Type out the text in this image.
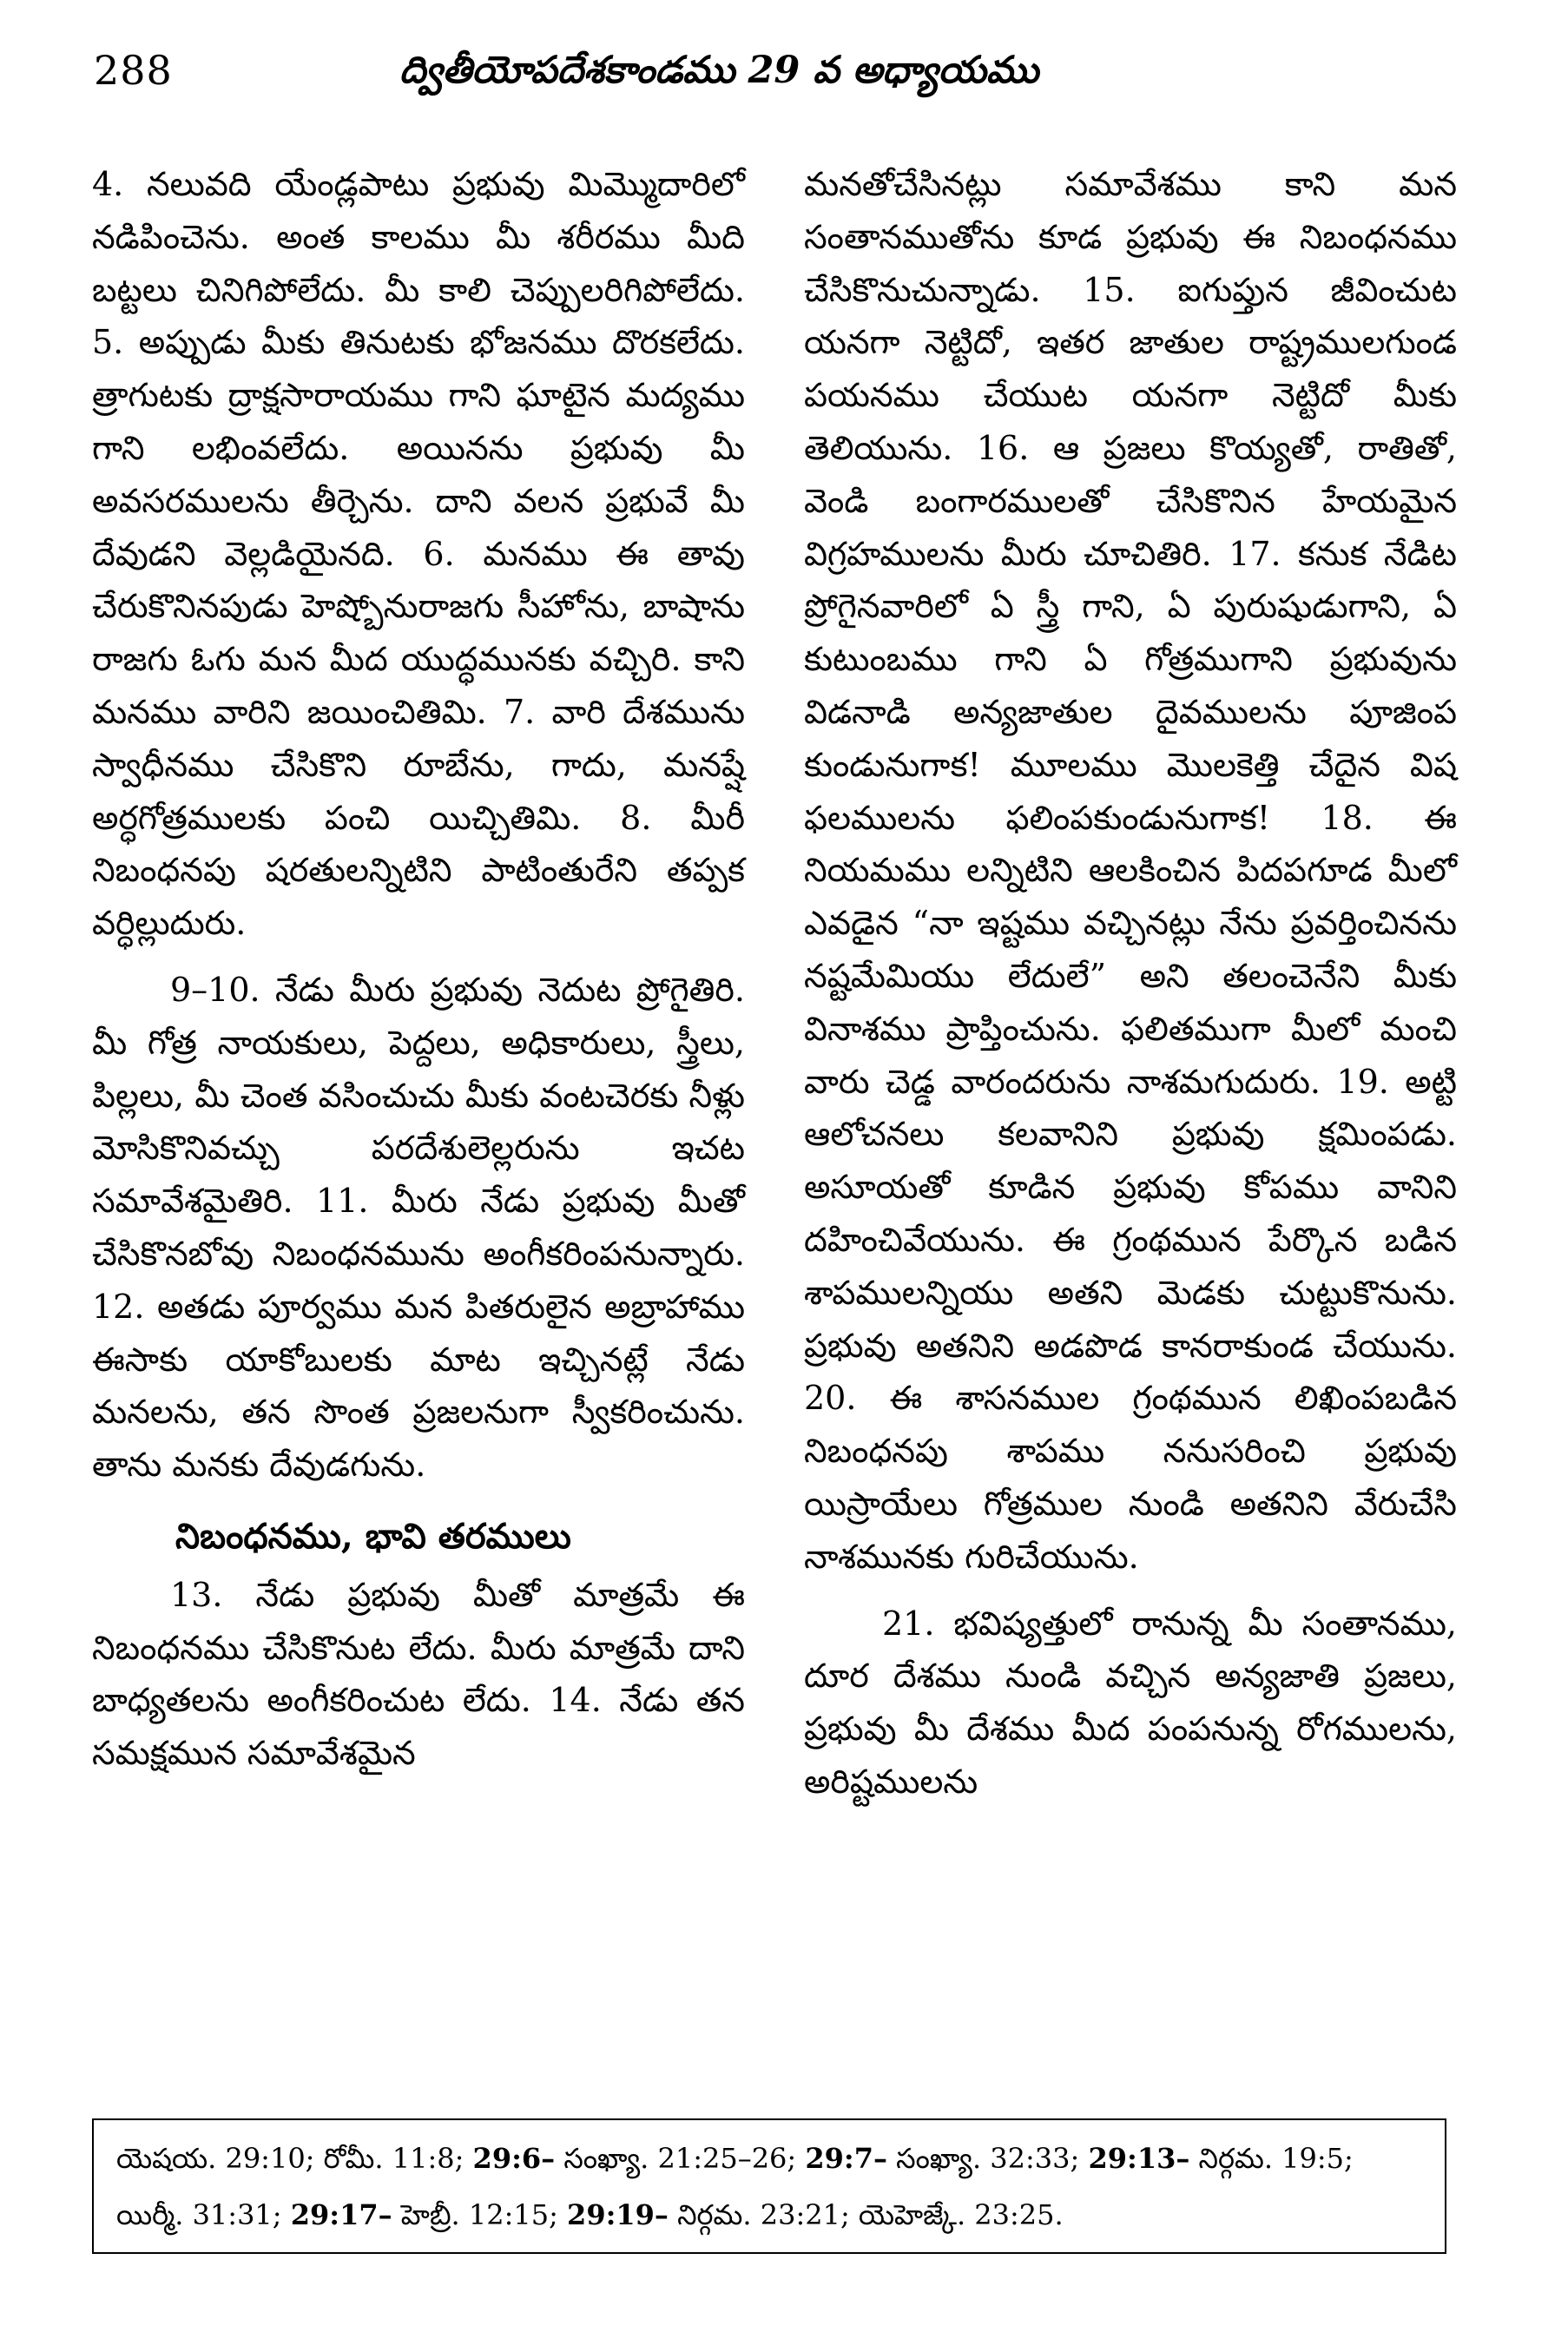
288	ద్వితీయోపదేశకాండము 29 వ అధ్యాయము

4. నలువది యేండ్లపాటు ప్రభువు మిమ్మొదారిలో నడిపించెను. అంత కాలము మీ శరీరము మీది బట్టలు చినిగిపోలేదు. మీ కాలి చెప్పులరిగిపోలేదు. 5. అప్పుడు మీకు తినుటకు భోజనము దొరకలేదు. త్రాగుటకు ద్రాక్షసారాయము గాని ఘాటైన మద్యము గాని లభింవలేదు. అయినను ప్రభువు మీ అవసరములను తీర్చెను. దాని వలన ప్రభువే మీ దేవుడని వెల్లడియైనది. 6. మనము ఈ తావు చేరుకొనినపుడు హెష్బోనురాజగు సీహోను, బాషాను రాజగు ఓగు మన మీద యుద్ధమునకు వచ్చిరి. కాని మనము వారిని జయించితిమి. 7. వారి దేశమును స్వాధీనము చేసికొని రూబేను, గాదు, మనష్షే అర్ధగోత్రములకు పంచి యిచ్చితిమి. 8. మీరీ నిబంధనపు షరతులన్నిటిని పాటింతురేని తప్పక వర్ధిల్లుదురు.

9–10. నేడు మీరు ప్రభువు నెదుట ప్రోగైతిరి. మీ గోత్ర నాయకులు, పెద్దలు, అధికారులు, స్త్రీలు, పిల్లలు, మీ చెంత వసించుచు మీకు వంటచెరకు నీళ్లు మోసికొనివచ్చు పరదేశులెల్లరును ఇచట సమావేశమైతిరి. 11. మీరు నేడు ప్రభువు మీతో చేసికొనబోవు నిబంధనమును అంగీకరింపనున్నారు. 12. అతడు పూర్వము మన పితరులైన అబ్రాహాము ఈసాకు యాకోబులకు మాట ఇచ్చినట్లే నేడు మనలను, తన సొంత ప్రజలనుగా స్వీకరించును. తాను మనకు దేవుడగును.

నిబంధనము, భావి తరములు

13. నేడు ప్రభువు మీతో మాత్రమే ఈ నిబంధనము చేసికొనుట లేదు. మీరు మాత్రమే దాని బాధ్యతలను అంగీకరించుట లేదు. 14. నేడు తన సమక్షమున సమావేశమైన

మనతోచేసినట్లు సమావేశము కాని మన సంతానముతోను కూడ ప్రభువు ఈ నిబంధనము చేసికొనుచున్నాడు. 15. ఐగుప్తున జీవించుట యనగా నెట్టిదో, ఇతర జాతుల రాష్ట్రములగుండ పయనము చేయుట యనగా నెట్టిదో మీకు తెలియును. 16. ఆ ప్రజలు కొయ్యతో, రాతితో, వెండి బంగారములతో చేసికొనిన హేయమైన విగ్రహములను మీరు చూచితిరి. 17. కనుక నేడిట ప్రోగైనవారిలో ఏ స్త్రీ గాని, ఏ పురుషుడుగాని, ఏ కుటుంబము గాని ఏ గోత్రముగాని ప్రభువును విడనాడి అన్యజాతుల దైవములను పూజింప కుండునుగాక! మూలము మొలకెత్తి చేదైన విష ఫలములను ఫలింపకుండునుగాక! 18. ఈ నియమము లన్నిటిని ఆలకించిన పిదపగూడ మీలో ఎవడైన “నా ఇష్టము వచ్చినట్లు నేను ప్రవర్తించినను నష్టమేమియు లేదులే” అని తలంచెనేని మీకు వినాశము ప్రాప్తించును. ఫలితముగా మీలో మంచి వారు చెడ్డ వారందరును నాశమగుదురు. 19. అట్టి ఆలోచనలు కలవానిని ప్రభువు క్షమింపడు. అసూయతో కూడిన ప్రభువు కోపము వానిని దహించివేయును. ఈ గ్రంథమున పేర్కొన బడిన శాపములన్నియు అతని మెడకు చుట్టుకొనును. ప్రభువు అతనిని అడపొడ కానరాకుండ చేయును. 20. ఈ శాసనముల గ్రంథమున లిఖింపబడిన నిబంధనపు శాపము ననుసరించి ప్రభువు యిస్రాయేలు గోత్రముల నుండి అతనిని వేరుచేసి నాశమునకు గురిచేయును.

21. భవిష్యత్తులో రానున్న మీ సంతానము, దూర దేశము నుండి వచ్చిన అన్యజాతి ప్రజలు, ప్రభువు మీ దేశము మీద పంపనున్న రోగములను, అరిష్టములను

యెషయ. 29:10; రోమీ. 11:8; 29:6– సంఖ్యా. 21:25–26; 29:7– సంఖ్యా. 32:33; 29:13– నిర్గమ. 19:5; యిర్మీ. 31:31; 29:17– హెబ్రీ. 12:15; 29:19– నిర్గమ. 23:21; యెహెజ్కే. 23:25.
